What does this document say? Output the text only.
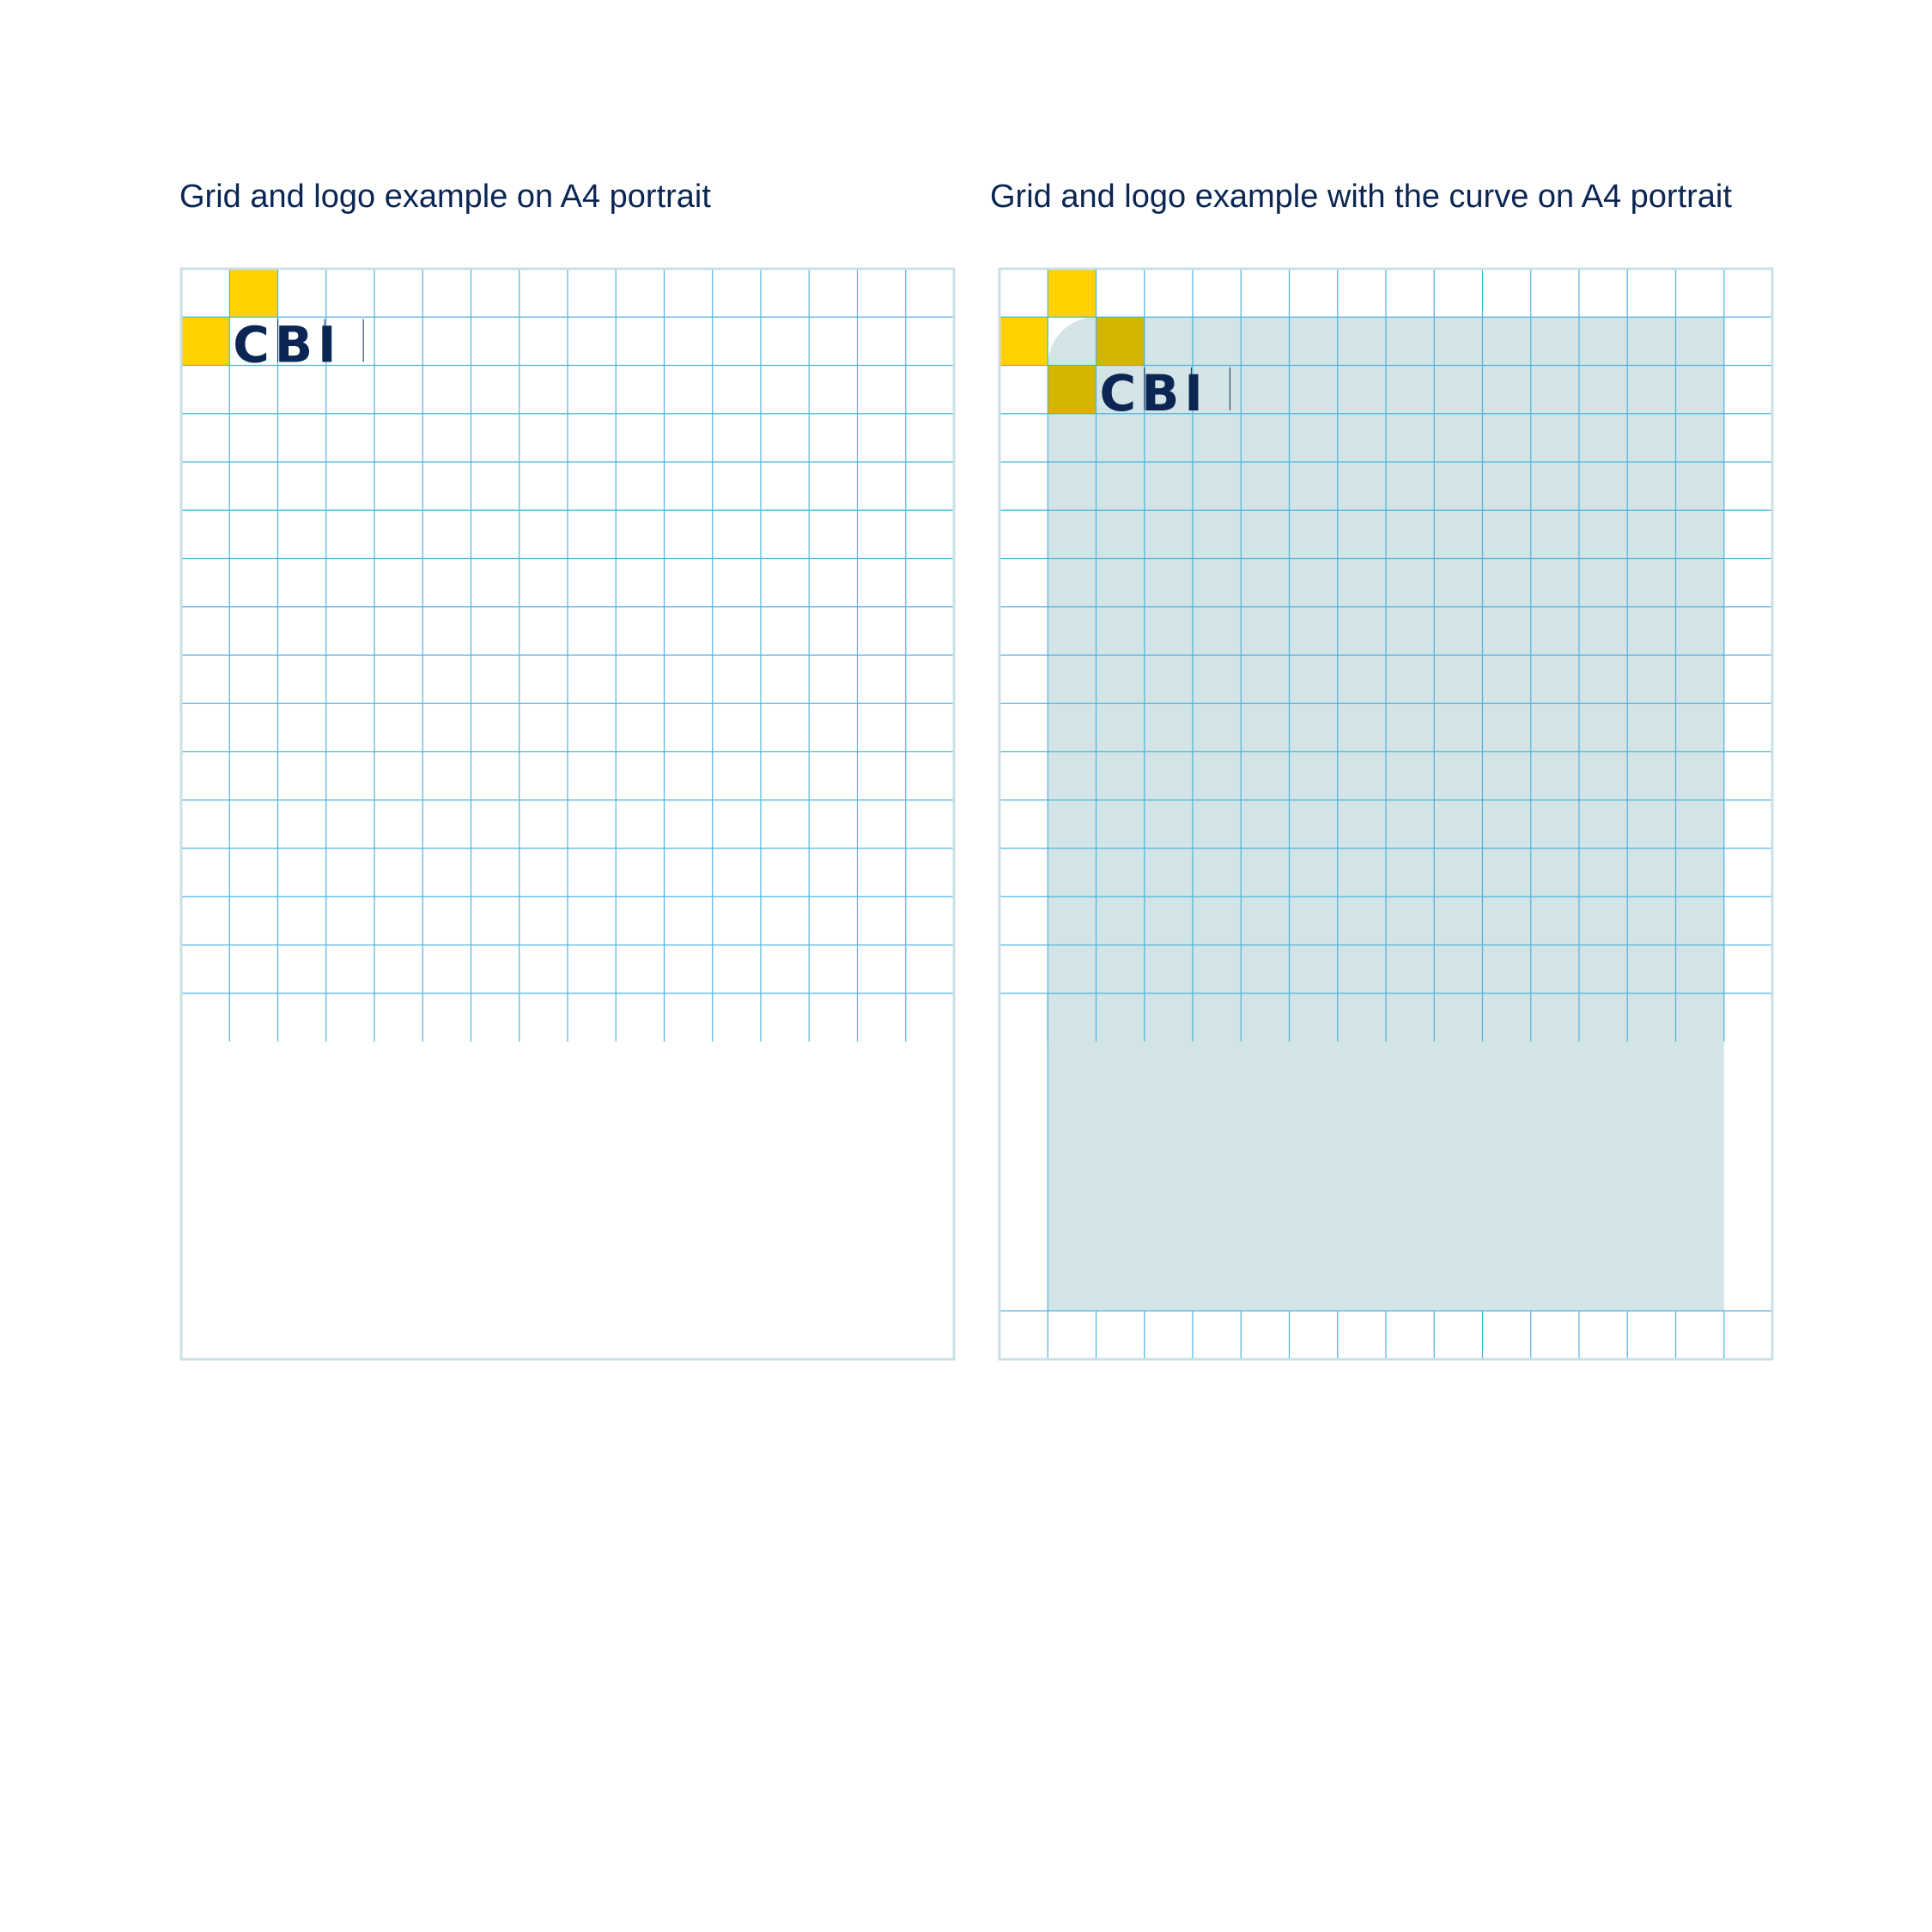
Grid and logo example on A4 portrait	Grid and logo example with the curve on A4 portrait
CBI
CBI
